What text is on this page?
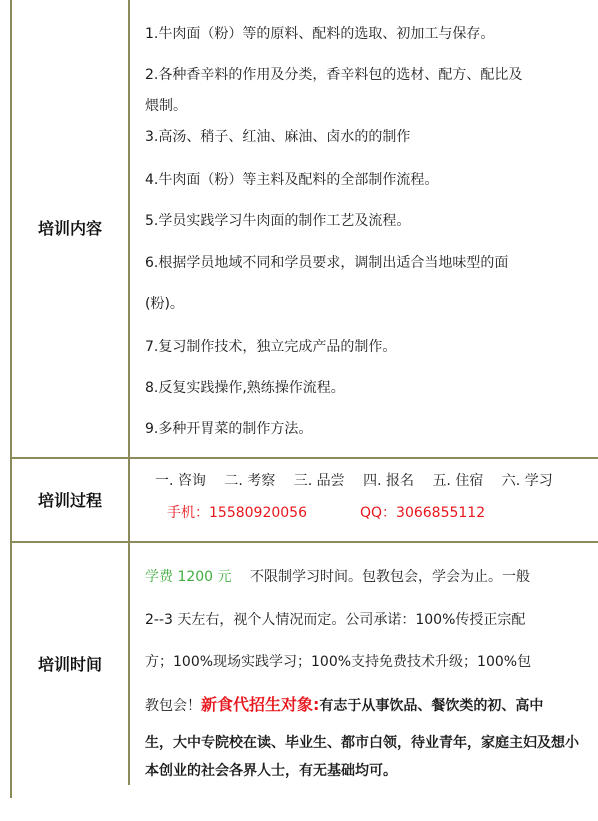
培训内容
1.牛肉面（粉）等的原料、配料的选取、初加工与保存。
2.各种香辛料的作用及分类，香辛料包的选材、配方、配比及
煨制。
3.高汤、稍子、红油、麻油、卤水的的制作
4.牛肉面（粉）等主料及配料的全部制作流程。
5.学员实践学习牛肉面的制作工艺及流程。
6.根据学员地域不同和学员要求，调制出适合当地味型的面
(粉)。
7.复习制作技术，独立完成产品的制作。
8.反复实践操作,熟练操作流程。
9.多种开胃菜的制作方法。
培训过程
一. 咨询 二. 考察 三. 品尝 四. 报名 五. 住宿 六. 学习
手机：15580920056	QQ：3066855112
培训时间
学费 1200 元 不限制学习时间。包教包会，学会为止。一般
2--3 天左右，视个人情况而定。公司承诺：100%传授正宗配
方；100%现场实践学习；100%支持免费技术升级；100%包
教包会！新食代招生对象:有志于从事饮品、餐饮类的初、高中
生，大中专院校在读、毕业生、都市白领，待业青年，家庭主妇及想小
本创业的社会各界人士，有无基础均可。
